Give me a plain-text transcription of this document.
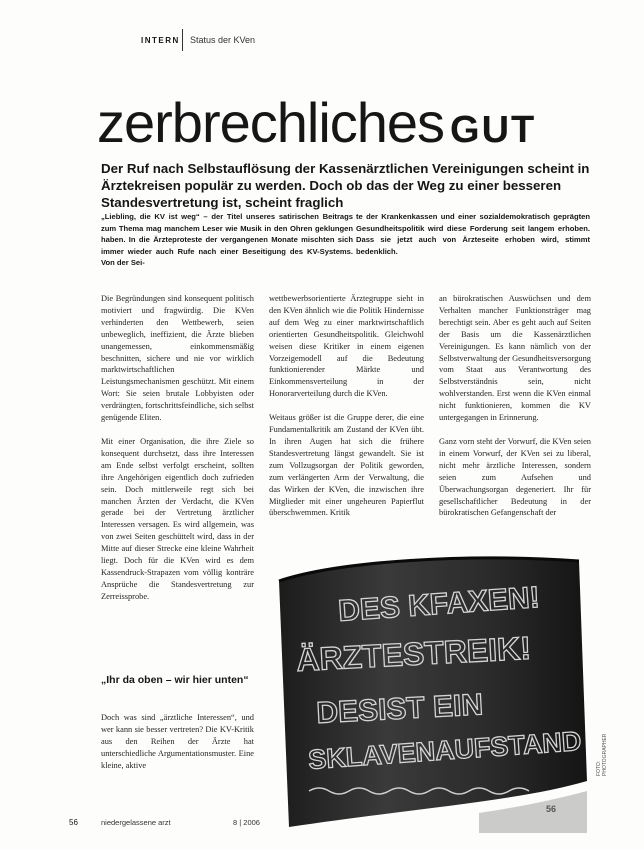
INTERN Status der KVen
zerbrechliches GUT
Der Ruf nach Selbstauflösung der Kassenärztlichen Vereinigungen scheint in Ärztekreisen populär zu werden. Doch ob das der Weg zu einer besseren Standesvertretung ist, scheint fraglich
„Liebling, die KV ist weg“ – der Titel unseres satirischen Beitrags zum Thema mag manchem Leser wie Musik in den Ohren geklungen haben. In die Ärzteproteste der vergangenen Monate mischten sich immer wieder auch Rufe nach einer Beseitigung des KV-Systems. Von der Sei-
te der Krankenkassen und einer sozialdemokratisch geprägten Gesundheitspolitik wird diese Forderung seit langem erhoben. Dass sie jetzt auch von Ärzteseite erhoben wird, stimmt bedenklich.

Die Begründungen sind konsequent politisch motiviert und fragwürdig. Die KVen verhinderten den Wettbewerb, seien unbeweglich, ineffizient, die Ärzte blieben unangemessen, einkommensmäßig beschnitten, sichere und nie vor wirklich marktwirtschaftlichen Leistungsmechanismen geschützt. Mit einem Wort: Sie seien brutale Lobbyisten oder verdrängten, fortschrittsfeindliche, sich selbst genügende Eliten.

Mit einer Organisation, die ihre Ziele so konsequent durchsetzt, dass ihre Interessen am Ende selbst verfolgt erscheint, sollten ihre Angehörigen eigentlich doch zufrieden sein. Doch mittlerweile regt sich bei manchen Ärzten der Verdacht, die KVen gerade bei der Vertretung ärztlicher Interessen versagen. Es wird allgemein, was von zwei Seiten geschüttelt wird, dass in der Mitte auf dieser Strecke eine kleine Wahrheit liegt. Doch für die KVen wird es dem Kassendruck-Strapazen vom völlig konträre Ansprüche die Standesvertretung zur Zerreissprobe.

„Ihr da oben – wir hier unten“

Doch was sind „ärztliche Interessen“, und wer kann sie besser vertreten? Die KV-Kritik aus den Reihen der Ärzte hat unterschiedliche Argumentationsmuster. Eine kleine, aktive

wettbewerbsorientierte Ärztegruppe sieht in den KVen ähnlich wie die Politik Hindernisse auf dem Weg zu einer marktwirtschaftlich orientierten Gesundheitspolitik. Gleichwohl weisen diese Kritiker in einem eigenen Vorzeigemodell auf die Bedeutung funktionierender Märkte und Einkommensverteilung in der Honorarverteilung durch die KVen.

Weitaus größer ist die Gruppe derer, die eine Fundamentalkritik am Zustand der KVen übt. In ihren Augen hat sich die frühere Standesvertretung längst gewandelt. Sie ist zum Vollzugsorgan der Politik geworden, zum verlängerten Arm der Verwaltung, die das Wirken der KVen, die inzwischen ihre Mitglieder mit einer ungeheuren Papierflut überschwemmen. Kritik

an bürokratischen Auswüchsen und dem Verhalten mancher Funktionsträger mag berechtigt sein. Aber es geht auch auf Seiten der Basis um die Kassenärztlichen Vereinigungen. Es kann nämlich von der Selbstverwaltung der Gesundheitsversorgung vom Staat aus Verantwortung des Selbstverständnis sein, nicht wohlverstanden. Erst wenn die KVen einmal nicht funktionieren, kommen die KV untergegangen in Erinnerung.

Ganz vorn steht der Vorwurf, die KVen seien in einem Vorwurf, der KVen sei zu liberal, nicht mehr ärztliche Interessen, sondern seien zum Aufsehen und Überwachungsorgan degeneriert. Ihr für gesellschaftlicher Bedeutung in der bürokratischen Gefangenschaft der

DES KFAXEN!
ÄRZTESTREIK!
DESIST EIN
SKLAVENAUFSTAND	FOTO: PHOTOGRAPHER
56	niedergelassene arzt	8 | 2006
56
